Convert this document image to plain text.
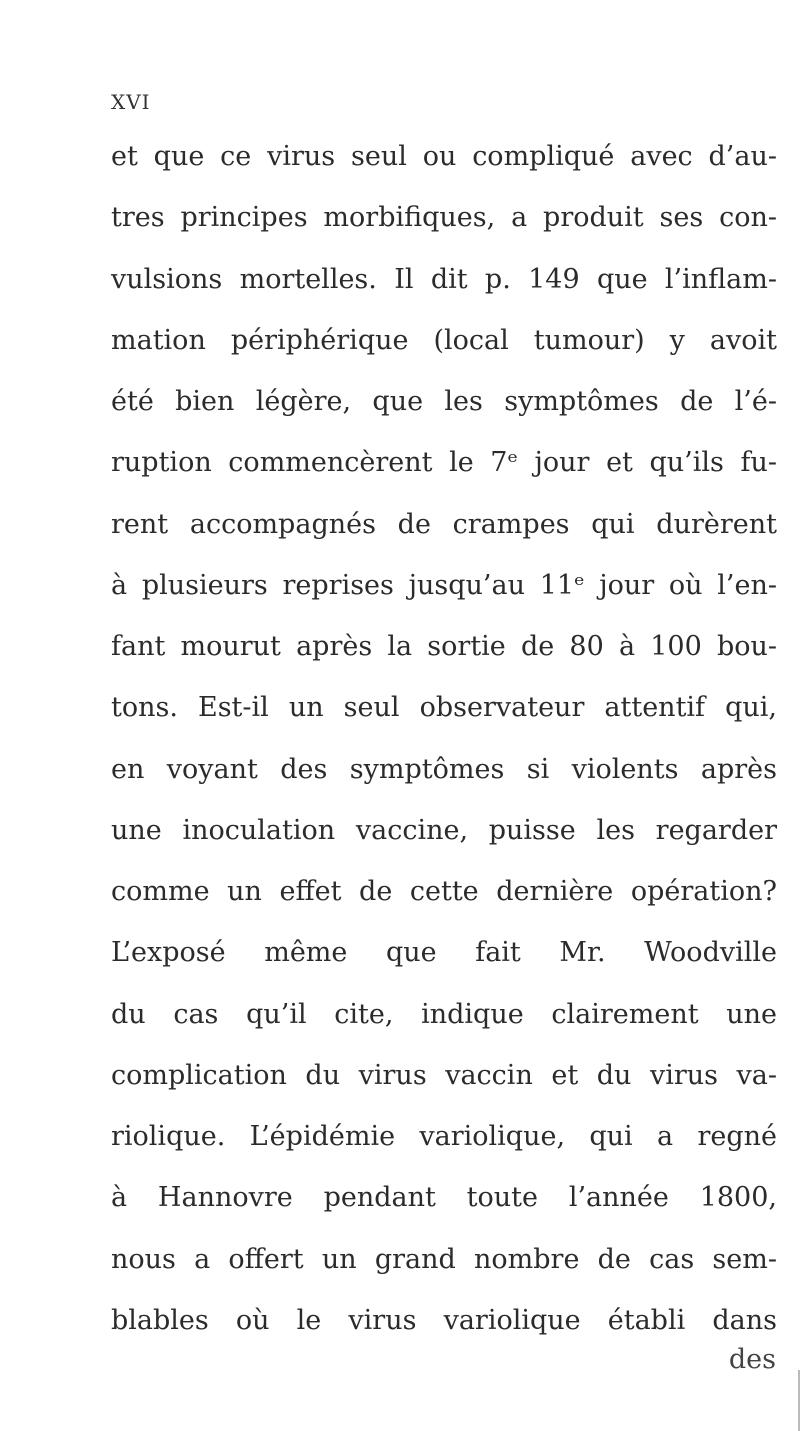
XVI
et que ce virus seul ou compliqué avec d’au-
tres principes morbifiques, a produit ses con-
vulsions mortelles. Il dit p. 149 que l’inflam-
mation périphérique (local tumour) y avoit
été bien légère, que les symptômes de l’é-
ruption commencèrent le 7ᵉ jour et qu’ils fu-
rent accompagnés de crampes qui durèrent
à plusieurs reprises jusqu’au 11ᵉ jour où l’en-
fant mourut après la sortie de 80 à 100 bou-
tons. Est-il un seul observateur attentif qui,
en voyant des symptômes si violents après
une inoculation vaccine, puisse les regarder
comme un effet de cette dernière opération?
L’exposé même que fait Mr. Woodville
du cas qu’il cite, indique clairement une
complication du virus vaccin et du virus va-
riolique. L’épidémie variolique, qui a regné
à Hannovre pendant toute l’année 1800,
nous a offert un grand nombre de cas sem-
blables où le virus variolique établi dans
des
